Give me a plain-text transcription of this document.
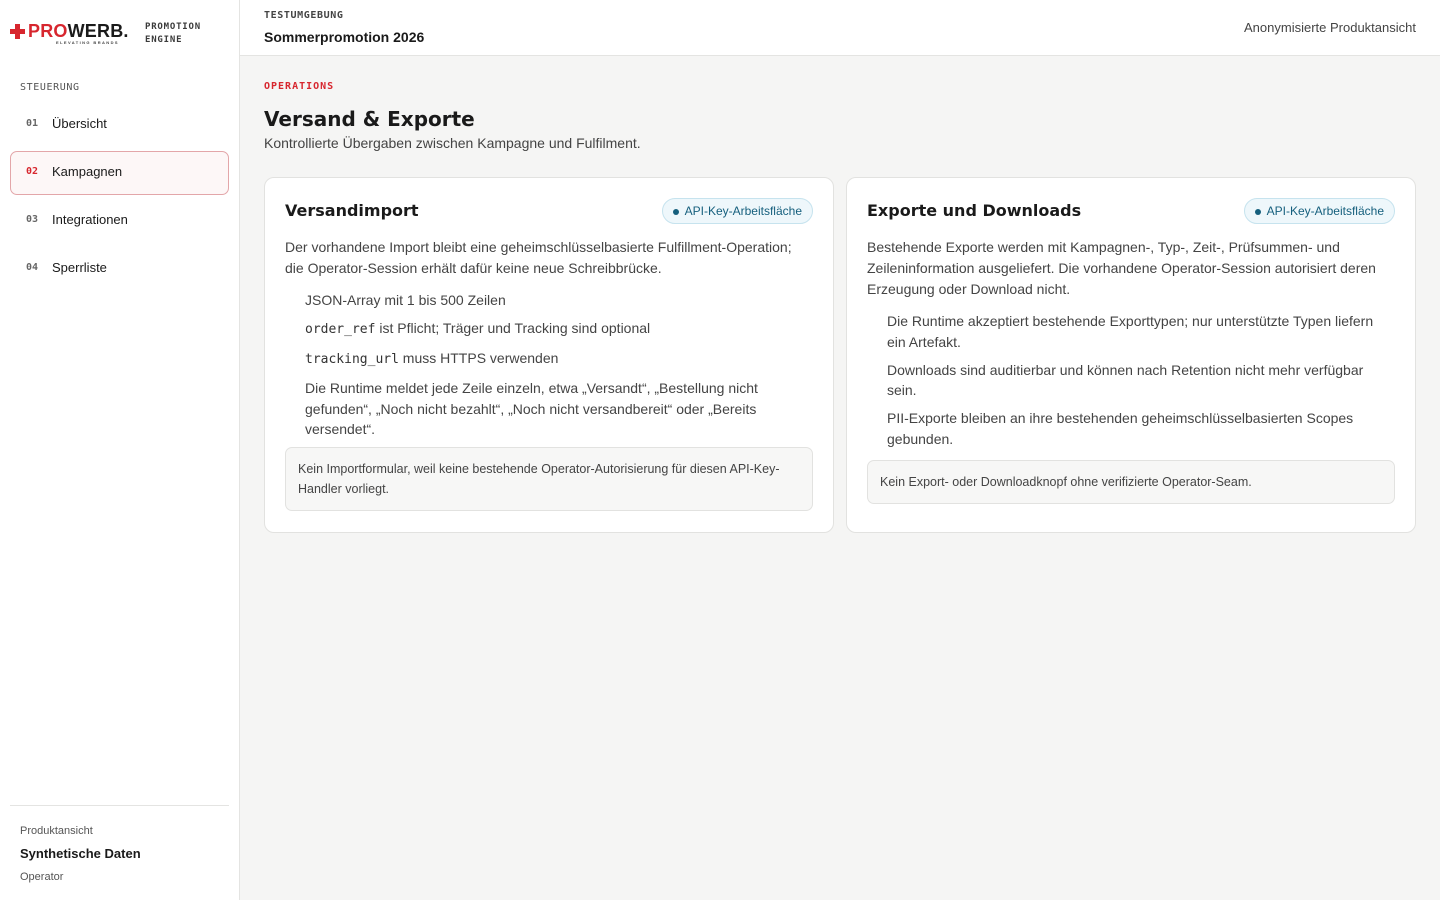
PROWERB.
ELEVATING BRANDS
PROMOTION
ENGINE
STEUERUNG
01 Übersicht
02 Kampagnen
03 Integrationen
04 Sperrliste
Produktansicht
Synthetische Daten
Operator
TESTUMGEBUNG
Sommerpromotion 2026
Anonymisierte Produktansicht
OPERATIONS
Versand & Exporte

Kontrollierte Übergaben zwischen Kampagne und Fulfilment.

Versandimport	API-Key-Arbeitsfläche

Der vorhandene Import bleibt eine geheimschlüsselbasierte Fulfillment-Operation; die Operator-Session erhält dafür keine neue Schreibbrücke.

JSON-Array mit 1 bis 500 Zeilen
order_ref ist Pflicht; Träger und Tracking sind optional
tracking_url muss HTTPS verwenden
Die Runtime meldet jede Zeile einzeln, etwa „Versandt“, „Bestellung nicht gefunden“, „Noch nicht bezahlt“, „Noch nicht versandbereit“ oder „Bereits versendet“.
Kein Importformular, weil keine bestehende Operator-Autorisierung für diesen API-Key-Handler vorliegt.
Exporte und Downloads	API-Key-Arbeitsfläche

Bestehende Exporte werden mit Kampagnen-, Typ-, Zeit-, Prüfsummen- und Zeileninformation ausgeliefert. Die vorhandene Operator-Session autorisiert deren Erzeugung oder Download nicht.

Die Runtime akzeptiert bestehende Exporttypen; nur unterstützte Typen liefern ein Artefakt.
Downloads sind auditierbar und können nach Retention nicht mehr verfügbar sein.
PII-Exporte bleiben an ihre bestehenden geheimschlüsselbasierten Scopes gebunden.
Kein Export- oder Downloadknopf ohne verifizierte Operator-Seam.
